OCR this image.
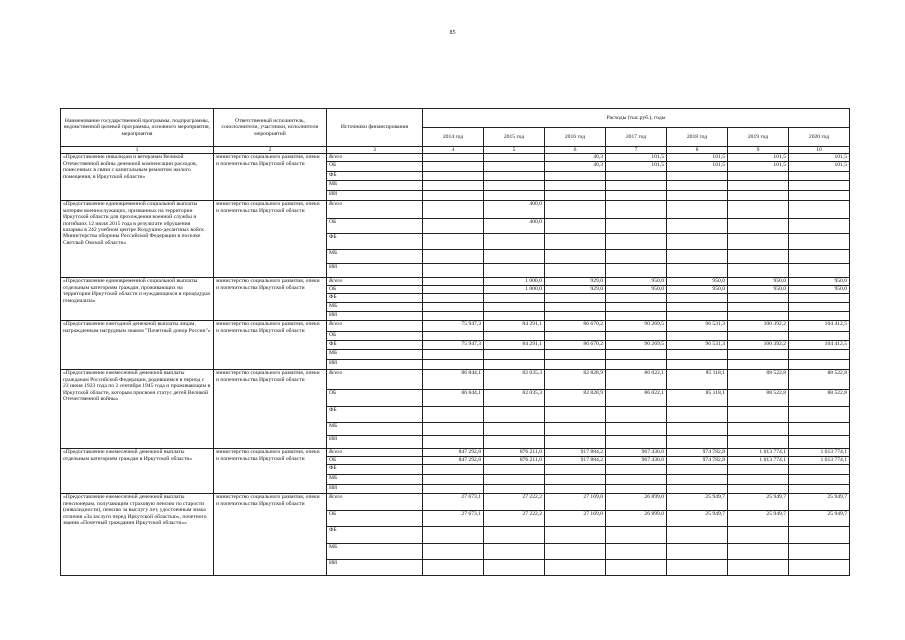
85
Наименование государственной программы, подпрограммы, ведомственной целевой программы, основного мероприятия, мероприятия	Ответственный исполнитель, соисполнители, участники, исполнители мероприятий	Источники финансирования	Расходы (тыс.руб.), годы						
			2014 год	2015 год	2016 год	2017 год	2018 год	2019 год	2020 год
1	2	3	4	5	6	7	8	9	10
«Предоставление инвалидам и ветеранам Великой Отечественной войны денежной компенсации расходов, понесенных в связи с капитальным ремонтом жилого помещения, в Иркутской области»	министерство социального развития, опеки и попечительства Иркутской области	Всего			40,3	101,5	101,5	101,5	101,5
		ОБ			40,3	101,5	101,5	101,5	101,5
		ФБ							
		МБ							
		ИИ							
«Предоставление единовременной социальной выплаты матерям военнослужащих, призванных на территории Иркутской области для прохождения военной службы и погибших 12 июля 2015 года в результате обрушения казармы в 242 учебном центре Воздушно-десантных войск Министерства обороны Российской Федерации в поселке Светлый Омской области»	министерство социального развития, опеки и попечительства Иркутской области	Всего		400,0					
		ОБ		400,0					
		ФБ							
		МБ							
		ИИ							
«Предоставление единовременной социальной выплаты отдельным категориям граждан, проживающих на территории Иркутской области и нуждающихся в процедурах гемодиализа»	министерство социального развития, опеки и попечительства Иркутской области	Всего		1 000,0	929,0	950,0	950,0	950,0	950,0
		ОБ		1 000,0	929,0	950,0	950,0	950,0	950,0
		ФБ							
		МБ							
		ИИ							
«Предоставление ежегодной денежной выплаты лицам, награжденным нагрудным знаком "Почетный донор России"»	министерство социального развития, опеки и попечительства Иркутской области	Всего	75 947,3	84 291,1	86 670,2	90 269,5	96 531,3	100 392,2	104 412,5
		ОБ							
		ФБ	75 947,3	84 291,1	86 670,2	90 269,5	96 531,3	100 392,2	104 412,5
		МБ							
		ИИ							
«Предоставление ежемесячной денежной выплаты гражданам Российской Федерации, родившимся в период с 23 июня 1923 года по 2 сентября 1945 года и проживающим в Иркутской области, которым присвоен статус детей Великой Отечественной войны»	министерство социального развития, опеки и попечительства Иркутской области	Всего	86 844,1	82 035,3	82 828,9	86 022,1	85 118,1	88 522,8	88 522,8
		ОБ	86 844,1	82 035,3	82 828,9	86 022,1	85 118,1	88 522,8	88 522,8
		ФБ							
		МБ							
		ИИ							
«Предоставление ежемесячной денежной выплаты отдельным категориям граждан в Иркутской области»	министерство социального развития, опеки и попечительства Иркутской области	Всего	847 292,8	876 211,0	917 884,2	967 430,0	974 782,8	1 013 774,1	1 013 774,1
		ОБ	847 292,8	876 211,0	917 884,2	967 430,0	974 782,8	1 013 774,1	1 013 774,1
		ФБ							
		МБ							
		ИИ							
«Предоставление ежемесячной денежной выплаты пенсионерам, получающим страховую пенсию по старости (инвалидности), пенсию за выслугу лет, удостоенным знака отличия «За заслуги перед Иркутской областью», почетного звания «Почетный гражданин Иркутской области»»	министерство социального развития, опеки и попечительства Иркутской области	Всего	27 673,1	27 222,2	27 169,0	26 899,0	25 949,7	25 949,7	25 949,7
		ОБ	27 673,1	27 222,2	27 169,0	26 899,0	25 949,7	25 949,7	25 949,7
		ФБ							
		МБ							
		ИИ							
